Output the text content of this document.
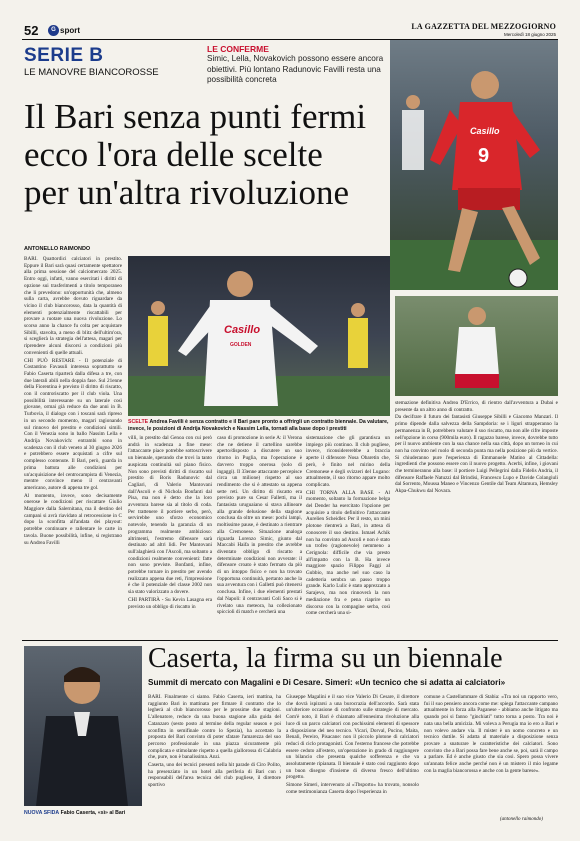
52	G sport	LA GAZZETTA DEL MEZZOGIORNO
Mercoledì 18 giugno 2025
SERIE B
LE MANOVRE BIANCOROSSE
LE CONFERME
Simic, Lella, Novakovich possono essere ancora obiettivi. Più lontano Radunovic Favilli resta una possibilità concreta
9
Casillo
Il Bari senza punti fermi
ecco l'ora delle scelte
per un'altra rivoluzione
ANTONELLO RAIMONDO

BARI. Quattordici calciatori in prestito. Eppure il Bari sarà quasi certamente spettatore alla prima sessione del calciomercato 2025. Entro oggi, infatti, vanno esercitati i diritti di opzione sui trasferimenti a titolo temporaneo che li prevedono: un'opportunità che, almeno sulla carta, avrebbe dovuto riguardare da vicino il club biancorosso, data la quantità di elementi potenzialmente riscattabili per provare a ruotare una nuova rivoluzione. Lo scorso anno la chance fu colta per acquistare Sibilli, stavolta, a meno di blitz dell'ultim'ora, si sceglierà la strategia dell'attesa, magari per riprendere alcuni discorsi a condizioni più convenienti di quelle attuali.

CHI PUÒ RESTARE - Il potenziale di Costantino Favasuli interessa soprattutto se Fabio Caserta riparterà dalla difesa a tre, con due laterali abili nella doppia fase. Sul 21enne della Fiorentina è previsto il diritto di riscatto, con il controriscatto per il club viola. Una possibilità interessante su un laterale così giovane, ormai già reduce da due anni in B. Turbovia, il dialogo con i toscani sarà ripreso in un secondo momento, magari ragionando sul rinnovo del prestito e condizioni simili. Con il Venezia sono in ballo Nassim Lella e Andrija Novakovich: entrambi sono in scadenza con il club veneto al 30 giugno 2026 e potrebbero essere acquistati a cifre sul complesso contenute. Il Bari, però, guarda in prima battuta alle condizioni per un'acquisizione del centrocampista di Venezia, mentre convince meno il centravanti americano, autore di appena tre gol.

Al momento, invece, sono decisamente onerose le condizioni per riscattare Giulio Maggiore dalla Salernitana, ma il destino del campani si avrà riavidato al retrocessione in C dopo la sconfitta all'andata dei playout: potrebbe continuare e rallentare le carte in tavola. Buone possibilità, infine, si registrano su Andrea Favilli

Casillo
GOLDEN
SCELTE Andrea Favilli è senza contratto e il Bari pare pronto a offrirgli un contratto biennale. Da valutare, invece, le posizioni di Andrija Novakovich e Nassim Lella, tornati alla base dopo i prestiti

villi, in prestito dal Genoa con cui però andrà in scadenza a fine mese: l'attaccante piace potrebbe sottoscrivere un biennale, sperando che trovi la tanto auspicata continuità sul piano fisico. Non sono previsti diritti di riscatto sul prestito di Boris Radunovic dal Cagliari, di Valerio Mantovani dall'Ascoli e di Nichola Bonfanti dal Pisa, ma non è detto che la loro avventura barese sia al titolo di coda. Per trattenere il portiere serbo, però, servirebbe uno sforzo economico notevole, tenendo la garanzia di un programma realmente ambizioso: altrimenti, l'estremo difensore sarà destinato ad altri lidi. Per Mantovani sull'alaghierà con l'Ascoli, ma soltanto a condizioni realmente convenienti: fatte non sono previste. Bonfanti, infine, potrebbe tornare in prestito per avendo realizzato appena due reti, l'impressione è che il potenziale del classe 2002 non sia stato valorizzato a dovere.

CHI PARTIRÀ - Su Kevin Lasagna era previsto un obbligo di riscatto in

caso di promozione in serie A: il Verona che ne detiene il cartellino sarebbe aperto/disposto a discutere un suo ritorno in Puglia, ma l'operazione è davvero troppo onerosa (solo di ingaggi). Il 33enne attaccante percepisce circa un milione) rispetto al suo rendimento che si è attestato su appena sette reti. Un diritto di riscatto era previsto pure su Cesar Falletti, ma il fantasista uruguaiano si stava allineare alla grande delusione della stagione conclusa da oltre un mese: pochi lampi, moltissime pause, è destinato a rientrare alla Cremonese. Situazione analoga riguarda Lorenzo Simic, giunto dal Maccabi Haifa in prestito che avrebbe diventato obbligo di riscatto a determinate condizioni non avverate: il difensore croato è stato fermato da più di un intoppo fisico e non ha trovato l'opportuna continuità, pertanto anche la sua avventura con i Galletti può ritenersi conclusa. Infine, i due elementi prestati dal Napoli: il centravanti Coli Saco si è rivelato una meteora, ha collezionato spiccioli di match e cercherà una

sistemazione che gli garantisca un impiego più continuo. Il club pugliese, invece, riconsidererebbe a braccia aperte il difensore Nosa Obaretin che, però, è finito nel mirino della Cremonese e degli svizzeri del Lugano: attualmente, il suo ritorno appare molto complicato.

CHI TORNA ALLA BASE - Al momento, soltanto la formazione belga del Dender ha esercitato l'opzione per acquisire a titolo definitivo l'attaccante Aurelien Scheidler. Per il resto, un mini plotone rientrerà a Bari, in attesa di conoscere il suo destino. Ismael Achik non ha convinto ad Ascoli e non è stato un trofeo (ragionevole) nemmeno a Cerignola: difficile che via presto all'impatto con la B. Ha invece maggiore spazio Filippo Faggi al Gubbio, ma anche nel suo caso la cadetteria sembra un passo troppo grande. Karlo Lulic è stato apprezzato a Sarajevo, ma non rinnoverà la non mediazione fra e pena riaprire un discorso con la compagine serba, così come cercherà una si-

stemazione definitiva Andrea D'Errico, di rientro dall'avventura a Dubai e presente da un altro anno di contratto.

Da decifrare il futuro dei fantasisti Giuseppe Sibilli e Giacomo Manzari. Il primo dipende dalla salvezza della Sampdoria: se i liguri strapperanno la permanenza in B, potrebbero valutare il suo riscatto, ma non alle cifre imposte nell'opzione in corso (900mila euro). Il ragazzo barese, invece, dovrebbe tutto per il nuovo ambiente con la sua chance nella sua città, dopo un torneo in cui non ha convinto nel ruolo di seconda punta ma nella posizione più da vertice. Si chiuderanno pure l'esperienza di Emmanuele Matino al Cittadella: ingredienti che possono essere con il nuovo progetto. Acerbi, infine, i giovani che termineranno alla base: il portiere Luigi Pellegrini dalla Fidelis Andria, il difensore Raffaele Natuzzi dal Brindisi, Francesco Lupo e Davide Colangiuli dal Sorrento, Moussa Maneo e Vincenzo Gentile dal Team Altamura, Hemsley Akpa-Chukwu dal Novara.

NUOVA SFIDA Fabio Caserta, «sì» al Bari
Caserta, la firma su un biennale
Summit di mercato con Magalini e Di Cesare. Simeri: «Un tecnico che si adatta ai calciatori»

BARI. Finalmente ci siamo. Fabio Caserta, ieri mattina, ha raggiunto Bari in mattinata per firmare il contratto che lo legherà al club biancorosso per le prossime due stagioni. L'allenatore, reduce da una buona stagione alla guida del Catanzaro (sesto posto al termine della regular season e poi sconfitta in semifinale contro lo Spezia), ha accettato la proposta del Bari convinto di poter sfatare l'amarezza del suo percorso professionale in una piazza sicuramente più complicata e stimolante rispetto a quella giallorossa di Calabria che, pure, non è banalissima. Anzi.

Caserta, uno dei tecnici presenti nella hit parade di Ciro Polito, ha presenziato in un hotel alla periferia di Bari con i responsabili dell'area tecnica del club pugliese, il direttore sportivo

Giuseppe Magalini e il suo vice Valerio Di Cesare, il direttore che dovrà ispirarsi a una burocrazia dell'accordo. Sarà stata un'ulteriore occasione di confronto sulle strategie di mercato. Com'è noto, il Bari è chiamato all'ennesima rivoluzione alla luce di un parco calciatori con pochissimi elementi di spessore a disposizione del neo tecnico. Vicari, Dorval, Pucino, Maita, Benali, Pereiro, Pisacane: non il piccolo plotone di calciatori reduci di ciclo protagonisti. Con l'esterno francese che potrebbe essere ceduto all'estero, un'operazione in grado di raggiungere un bilancio che presenta qualche sofferenza e che va assolutamente ripianata. Il biennale è stato così raggiunto dopo un buon disegno d'insieme di diverso fresco dell'ultimo progetto.

Simone Simeri, intervenuto al «Tbsporto» ha trovato, nonsolo come testimonianza Caserta dopo l'esperienza in

comune a Castellammare di Stabia: «Tra noi un rapporto vero, fui il suo pensiero ancora come me: spiega l'attaccante campano attualmente in forza alla Paganese - abbiamo anche litigato ma quando poi si fanno "ginchiati" tutto torna a posto. Tra noi è nata una bella amicizia. Mi voleva a Perugia ma io ero a Bari e non volevo andare via. Il mister è un uomo concreto e un tecnico duttile. Si adatta al materiale a disposizione senza provare a snaturare le caratteristiche dei calciatori. Sono convinto che a Bari possa fare bene anche se, poi, sarà il campo a parlare. Ed è anche giusto che sia così. Spero possa vivere un'annata felice anche perché non è un mistero il mio legame con la maglia biancorossa e anche con la gente barese».

(antonello raimondo)
